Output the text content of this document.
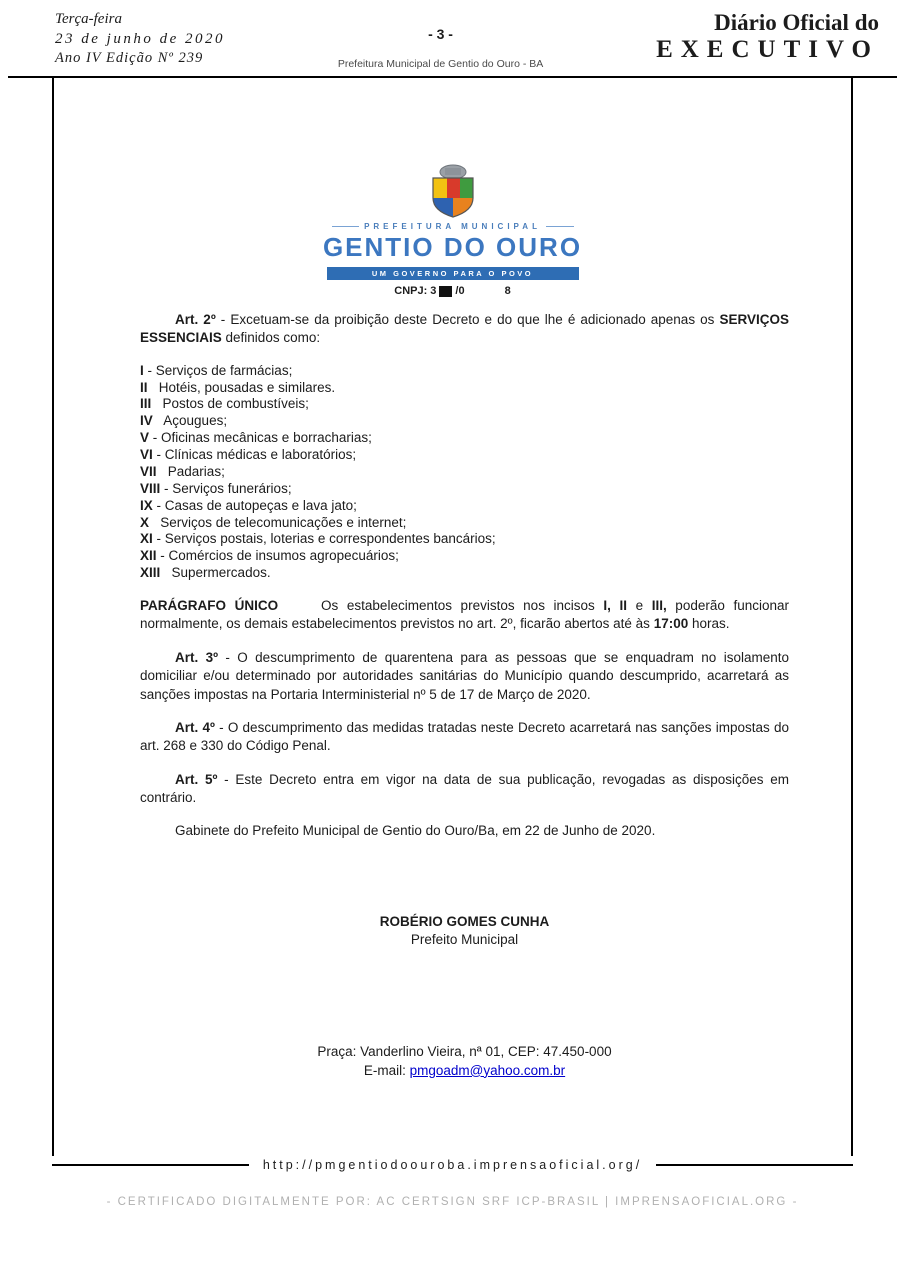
Terça-feira
23 de junho de 2020
Ano IV Edição Nº 239
- 3 -
Prefeitura Municipal de Gentio do Ouro - BA
Diário Oficial do
EXECUTIVO
PREFEITURA MUNICIPAL
GENTIO DO OURO
UM GOVERNO PARA O POVO
CNPJ: 3 /0	8

Art. 2º - Excetuam-se da proibição deste Decreto e do que lhe é adicionado apenas os SERVIÇOS ESSENCIAIS definidos como:

I - Serviços de farmácias;
II Hotéis, pousadas e similares.
III Postos de combustíveis;
IV Açougues;
V - Oficinas mecânicas e borracharias;
VI - Clínicas médicas e laboratórios;
VII Padarias;
VIII - Serviços funerários;
IX - Casas de autopeças e lava jato;
X Serviços de telecomunicações e internet;
XI - Serviços postais, loterias e correspondentes bancários;
XII - Comércios de insumos agropecuários;
XIII Supermercados.

PARÁGRAFO ÚNICO     Os estabelecimentos previstos nos incisos I, II e III, poderão funcionar normalmente, os demais estabelecimentos previstos no art. 2º, ficarão abertos até às 17:00 horas.

Art. 3º - O descumprimento de quarentena para as pessoas que se enquadram no isolamento domiciliar e/ou determinado por autoridades sanitárias do Município quando descumprido, acarretará as sanções impostas na Portaria Interministerial nº 5 de 17 de Março de 2020.

Art. 4º - O descumprimento das medidas tratadas neste Decreto acarretará nas sanções impostas do art. 268 e 330 do Código Penal.

Art. 5º - Este Decreto entra em vigor na data de sua publicação, revogadas as disposições em contrário.

Gabinete do Prefeito Municipal de Gentio do Ouro/Ba, em 22 de Junho de 2020.

ROBÉRIO GOMES CUNHA
Prefeito Municipal
Praça: Vanderlino Vieira, nª 01, CEP: 47.450-000
E-mail: pmgoadm@yahoo.com.br
http://pmgentiodoouroba.imprensaoficial.org/
- CERTIFICADO DIGITALMENTE POR: AC CERTSIGN SRF ICP-BRASIL | IMPRENSAOFICIAL.ORG -
